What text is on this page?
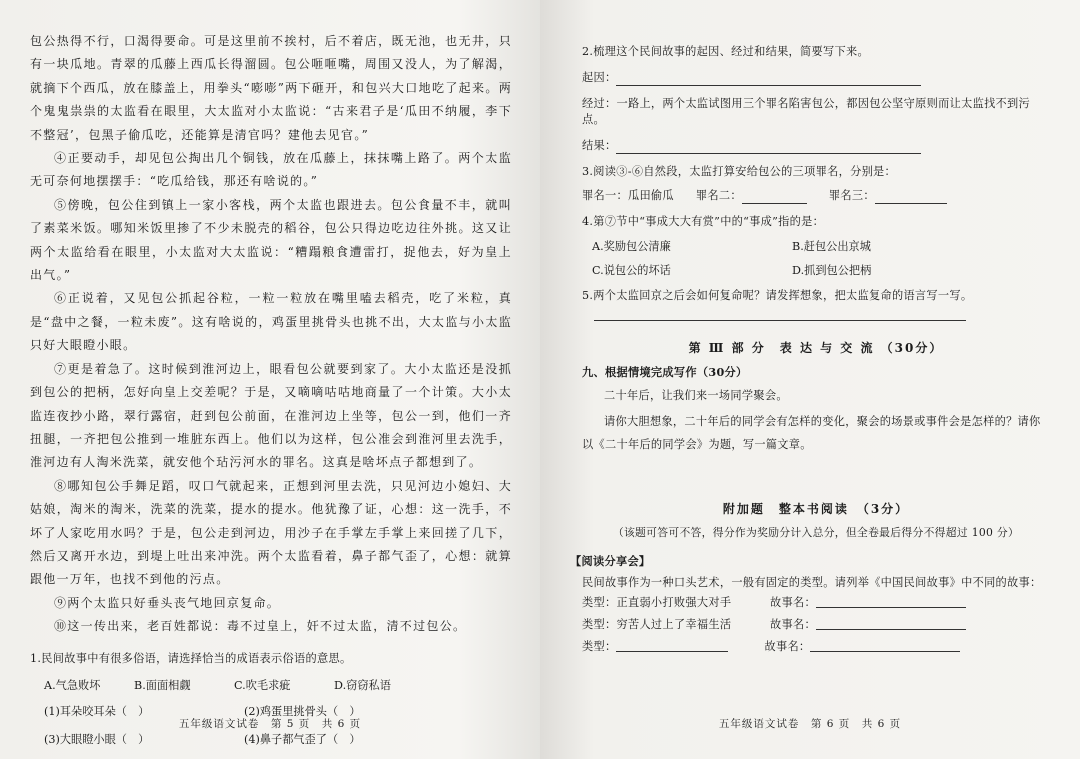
包公热得不行，口渴得要命。可是这里前不挨村，后不着店，既无池，也无井，只有一块瓜地。青翠的瓜藤上西瓜长得溜圆。包公咂咂嘴，周围又没人，为了解渴，就摘下个西瓜，放在膝盖上，用拳头“嘭嘭”两下砸开，和包兴大口地吃了起来。两个鬼鬼祟祟的太监看在眼里，大太监对小太监说：“古来君子是‘瓜田不纳履，李下不整冠’，包黑子偷瓜吃，还能算是清官吗？建他去见官。”

④正要动手，却见包公掏出几个铜钱，放在瓜藤上，抹抹嘴上路了。两个太监无可奈何地摆摆手：“吃瓜给钱，那还有啥说的。”

⑤傍晚，包公住到镇上一家小客栈，两个太监也跟进去。包公食量不丰，就叫了素菜米饭。哪知米饭里掺了不少未脱壳的稻谷，包公只得边吃边往外挑。这又让两个太监给看在眼里，小太监对大太监说：“糟蹋粮食遭雷打，捉他去，好为皇上出气。”

⑥正说着，又见包公抓起谷粒，一粒一粒放在嘴里嗑去稻壳，吃了米粒，真是“盘中之餐，一粒未废”。这有啥说的，鸡蛋里挑骨头也挑不出，大太监与小太监只好大眼瞪小眼。

⑦更是着急了。这时候到淮河边上，眼看包公就要到家了。大小太监还是没抓到包公的把柄，怎好向皇上交差呢？于是，又嘀嘀咕咕地商量了一个计策。大小太监连夜抄小路，翠行露宿，赶到包公前面，在淮河边上坐等，包公一到，他们一齐扭腿，一齐把包公推到一堆脏东西上。他们以为这样，包公准会到淮河里去洗手，淮河边有人淘米洗菜，就安他个玷污河水的罪名。这真是啥坏点子都想到了。

⑧哪知包公手舞足蹈，叹口气就起来，正想到河里去洗，只见河边小媳妇、大姑娘，淘米的淘米，洗菜的洗菜，提水的提水。他犹豫了证，心想：这一洗手，不坏了人家吃用水吗？于是，包公走到河边，用沙子在手掌左手掌上来回搓了几下，然后又离开水边，到堤上吐出来冲洗。两个太监看着，鼻子都气歪了，心想：就算跟他一万年，也找不到他的污点。

⑨两个太监只好垂头丧气地回京复命。

⑩这一传出来，老百姓都说：毒不过皇上，奸不过太监，清不过包公。

1.民间故事中有很多俗语，请选择恰当的成语表示俗语的意思。

A.气急败坏	B.面面相觑	C.吹毛求疵	D.窃窃私语
(1)耳朵咬耳朵（　）	(2)鸡蛋里挑骨头（　）
(3)大眼瞪小眼（　）	(4)鼻子都气歪了（　）
五年级语文试卷　第 5 页　共 6 页

2.梳理这个民间故事的起因、经过和结果，简要写下来。

起因：

经过：一路上，两个太监试图用三个罪名陷害包公，都因包公坚守原则而让太监找不到污点。

结果：

3.阅读③-⑥自然段，太监打算安给包公的三项罪名，分别是：

罪名一：瓜田偷瓜 罪名二：	罪名三：

4.第⑦节中“事成大大有赏”中的“事成”指的是：

A.奖励包公清廉	B.赶包公出京城
C.说包公的坏话	D.抓到包公把柄

5.两个太监回京之后会如何复命呢？请发挥想象，把太监复命的语言写一写。

第 Ⅲ 部 分　表 达 与 交 流 （30分）

九、根据情境完成写作（30分）

二十年后，让我们来一场同学聚会。

请你大胆想象，二十年后的同学会有怎样的变化，聚会的场景或事件会是怎样的？请你以《二十年后的同学会》为题，写一篇文章。

附加题　整本书阅读　（3分）

（该题可答可不答，得分作为奖励分计入总分，但全卷最后得分不得超过 100 分）

【阅读分享会】

民间故事作为一种口头艺术，一般有固定的类型。请列举《中国民间故事》中不同的故事：

类型：正直弱小打败强大对手	故事名：
类型：穷苦人过上了幸福生活	故事名：
类型：	故事名：
五年级语文试卷　第 6 页　共 6 页
